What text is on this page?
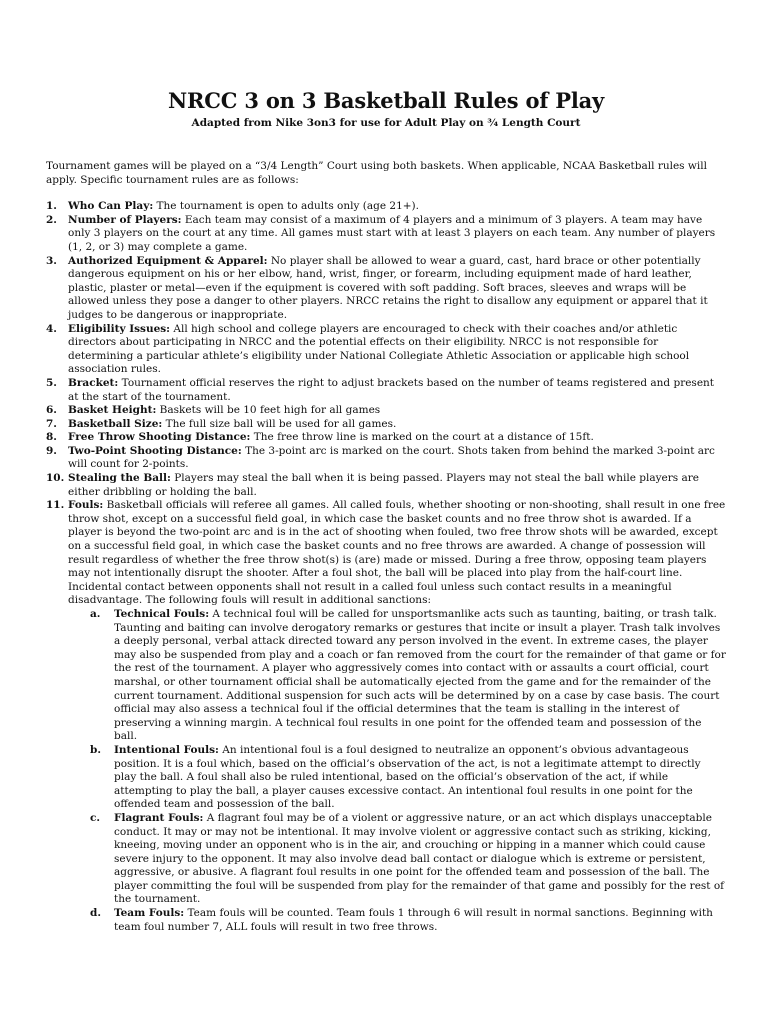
NRCC 3 on 3 Basketball Rules of Play
Adapted from Nike 3on3 for use for Adult Play on ¾ Length Court

Tournament games will be played on a “3/4 Length” Court using both baskets. When applicable, NCAA Basketball rules will apply. Specific tournament rules are as follows:

1. Who Can Play: The tournament is open to adults only (age 21+).
2. Number of Players: Each team may consist of a maximum of 4 players and a minimum of 3 players. A team may have only 3 players on the court at any time. All games must start with at least 3 players on each team. Any number of players (1, 2, or 3) may complete a game.
3. Authorized Equipment & Apparel: No player shall be allowed to wear a guard, cast, hard brace or other potentially dangerous equipment on his or her elbow, hand, wrist, finger, or forearm, including equipment made of hard leather, plastic, plaster or metal—even if the equipment is covered with soft padding. Soft braces, sleeves and wraps will be allowed unless they pose a danger to other players. NRCC retains the right to disallow any equipment or apparel that it judges to be dangerous or inappropriate.
4. Eligibility Issues: All high school and college players are encouraged to check with their coaches and/or athletic directors about participating in NRCC and the potential effects on their eligibility. NRCC is not responsible for determining a particular athlete’s eligibility under National Collegiate Athletic Association or applicable high school association rules.
5. Bracket: Tournament official reserves the right to adjust brackets based on the number of teams registered and present at the start of the tournament.
6. Basket Height: Baskets will be 10 feet high for all games
7. Basketball Size: The full size ball will be used for all games.
8. Free Throw Shooting Distance: The free throw line is marked on the court at a distance of 15ft.
9. Two-Point Shooting Distance: The 3-point arc is marked on the court. Shots taken from behind the marked 3-point arc will count for 2-points.
10. Stealing the Ball: Players may steal the ball when it is being passed. Players may not steal the ball while players are either dribbling or holding the ball.
11. Fouls: Basketball officials will referee all games. All called fouls, whether shooting or non-shooting, shall result in one free throw shot, except on a successful field goal, in which case the basket counts and no free throw shot is awarded. If a player is beyond the two-point arc and is in the act of shooting when fouled, two free throw shots will be awarded, except on a successful field goal, in which case the basket counts and no free throws are awarded. A change of possession will result regardless of whether the free throw shot(s) is (are) made or missed. During a free throw, opposing team players may not intentionally disrupt the shooter. After a foul shot, the ball will be placed into play from the half-court line. Incidental contact between opponents shall not result in a called foul unless such contact results in a meaningful disadvantage. The following fouls will result in additional sanctions:
a. Technical Fouls: A technical foul will be called for unsportsmanlike acts such as taunting, baiting, or trash talk. Taunting and baiting can involve derogatory remarks or gestures that incite or insult a player. Trash talk involves a deeply personal, verbal attack directed toward any person involved in the event. In extreme cases, the player may also be suspended from play and a coach or fan removed from the court for the remainder of that game or for the rest of the tournament. A player who aggressively comes into contact with or assaults a court official, court marshal, or other tournament official shall be automatically ejected from the game and for the remainder of the current tournament. Additional suspension for such acts will be determined by on a case by case basis. The court official may also assess a technical foul if the official determines that the team is stalling in the interest of preserving a winning margin. A technical foul results in one point for the offended team and possession of the ball.
b. Intentional Fouls: An intentional foul is a foul designed to neutralize an opponent’s obvious advantageous position. It is a foul which, based on the official’s observation of the act, is not a legitimate attempt to directly play the ball. A foul shall also be ruled intentional, based on the official’s observation of the act, if while attempting to play the ball, a player causes excessive contact. An intentional foul results in one point for the offended team and possession of the ball.
c. Flagrant Fouls: A flagrant foul may be of a violent or aggressive nature, or an act which displays unacceptable conduct. It may or may not be intentional. It may involve violent or aggressive contact such as striking, kicking, kneeing, moving under an opponent who is in the air, and crouching or hipping in a manner which could cause severe injury to the opponent. It may also involve dead ball contact or dialogue which is extreme or persistent, aggressive, or abusive. A flagrant foul results in one point for the offended team and possession of the ball. The player committing the foul will be suspended from play for the remainder of that game and possibly for the rest of the tournament.
d. Team Fouls: Team fouls will be counted. Team fouls 1 through 6 will result in normal sanctions. Beginning with team foul number 7, ALL fouls will result in two free throws.
